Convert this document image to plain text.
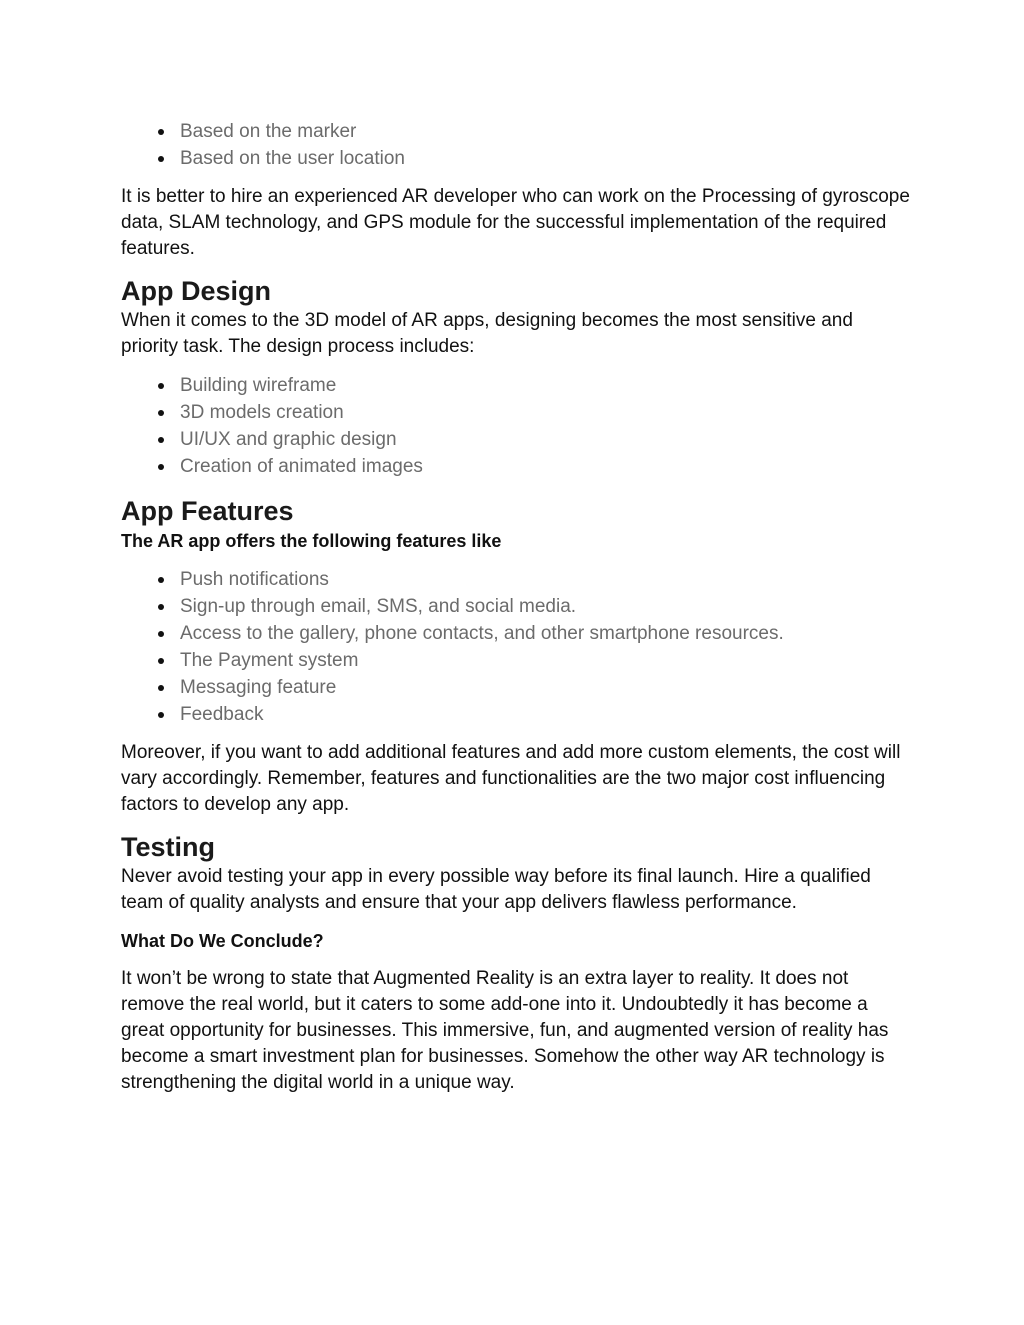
Based on the marker
Based on the user location

It is better to hire an experienced AR developer who can work on the Processing of gyroscope data, SLAM technology, and GPS module for the successful implementation of the required features.

App Design

When it comes to the 3D model of AR apps, designing becomes the most sensitive and priority task. The design process includes:

Building wireframe
3D models creation
UI/UX and graphic design
Creation of animated images
App Features

The AR app offers the following features like

Push notifications
Sign-up through email, SMS, and social media.
Access to the gallery, phone contacts, and other smartphone resources.
The Payment system
Messaging feature
Feedback

Moreover, if you want to add additional features and add more custom elements, the cost will vary accordingly. Remember, features and functionalities are the two major cost influencing factors to develop any app.

Testing

Never avoid testing your app in every possible way before its final launch. Hire a qualified team of quality analysts and ensure that your app delivers flawless performance.

What Do We Conclude?

It won’t be wrong to state that Augmented Reality is an extra layer to reality. It does not remove the real world, but it caters to some add-one into it. Undoubtedly it has become a great opportunity for businesses. This immersive, fun, and augmented version of reality has become a smart investment plan for businesses. Somehow the other way AR technology is strengthening the digital world in a unique way.
